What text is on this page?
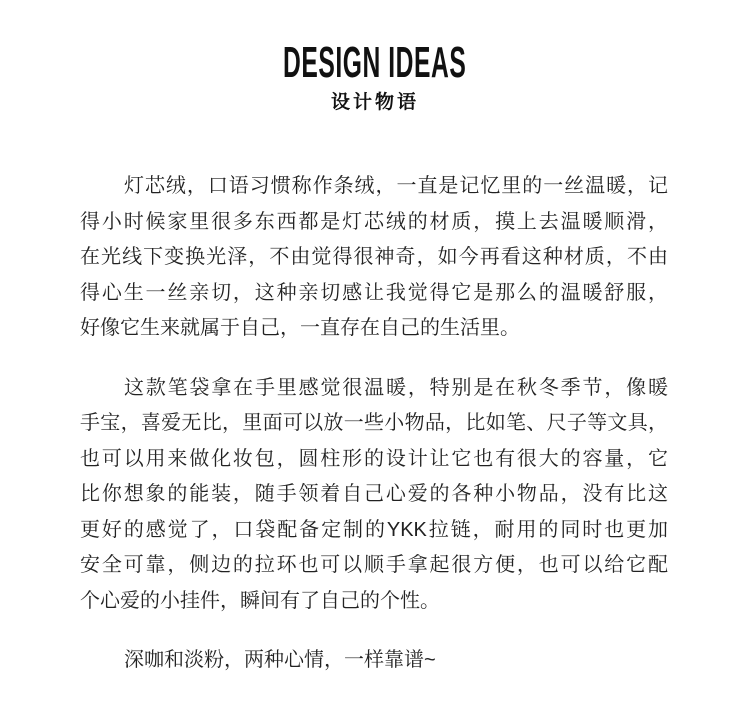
DESIGN IDEAS
设计物语
灯芯绒，口语习惯称作条绒，一直是记忆里的一丝温暖，记
得小时候家里很多东西都是灯芯绒的材质，摸上去温暖顺滑，
在光线下变换光泽，不由觉得很神奇，如今再看这种材质，不由
得心生一丝亲切，这种亲切感让我觉得它是那么的温暖舒服，
好像它生来就属于自己，一直存在自己的生活里。
这款笔袋拿在手里感觉很温暖，特别是在秋冬季节，像暖
手宝，喜爱无比，里面可以放一些小物品，比如笔、尺子等文具，
也可以用来做化妆包，圆柱形的设计让它也有很大的容量，它
比你想象的能装，随手领着自己心爱的各种小物品，没有比这
更好的感觉了，口袋配备定制的YKK拉链，耐用的同时也更加
安全可靠，侧边的拉环也可以顺手拿起很方便，也可以给它配
个心爱的小挂件，瞬间有了自己的个性。
深咖和淡粉，两种心情，一样靠谱~
